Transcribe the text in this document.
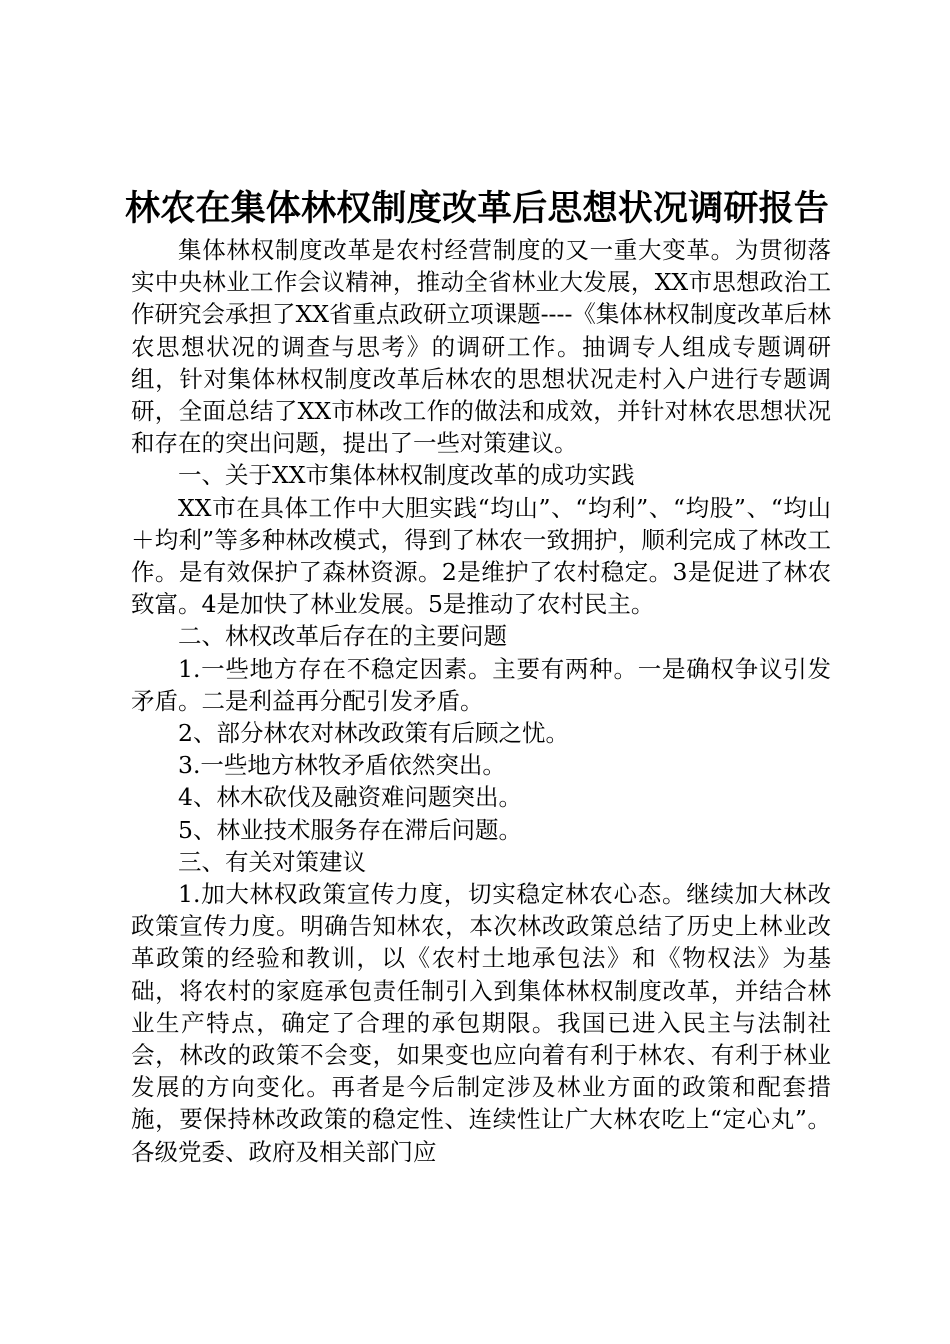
林农在集体林权制度改革后思想状况调研报告

集体林权制度改革是农村经营制度的又一重大变革。为贯彻落实中央林业工作会议精神，推动全省林业大发展，XX市思想政治工作研究会承担了XX省重点政研立项课题----《集体林权制度改革后林农思想状况的调查与思考》的调研工作。抽调专人组成专题调研组，针对集体林权制度改革后林农的思想状况走村入户进行专题调研，全面总结了XX市林改工作的做法和成效，并针对林农思想状况和存在的突出问题，提出了一些对策建议。

一、关于XX市集体林权制度改革的成功实践

XX市在具体工作中大胆实践“均山”、“均利”、“均股”、“均山＋均利”等多种林改模式，得到了林农一致拥护，顺利完成了林改工作。是有效保护了森林资源。2是维护了农村稳定。3是促进了林农致富。4是加快了林业发展。5是推动了农村民主。

二、林权改革后存在的主要问题

1.一些地方存在不稳定因素。主要有两种。一是确权争议引发矛盾。二是利益再分配引发矛盾。

2、部分林农对林改政策有后顾之忧。

3.一些地方林牧矛盾依然突出。

4、林木砍伐及融资难问题突出。

5、林业技术服务存在滞后问题。

三、有关对策建议

1.加大林权政策宣传力度，切实稳定林农心态。继续加大林改政策宣传力度。明确告知林农，本次林改政策总结了历史上林业改革政策的经验和教训，以《农村土地承包法》和《物权法》为基础，将农村的家庭承包责任制引入到集体林权制度改革，并结合林业生产特点，确定了合理的承包期限。我国已进入民主与法制社会，林改的政策不会变，如果变也应向着有利于林农、有利于林业发展的方向变化。再者是今后制定涉及林业方面的政策和配套措施，要保持林改政策的稳定性、连续性让广大林农吃上“定心丸”。各级党委、政府及相关部门应
